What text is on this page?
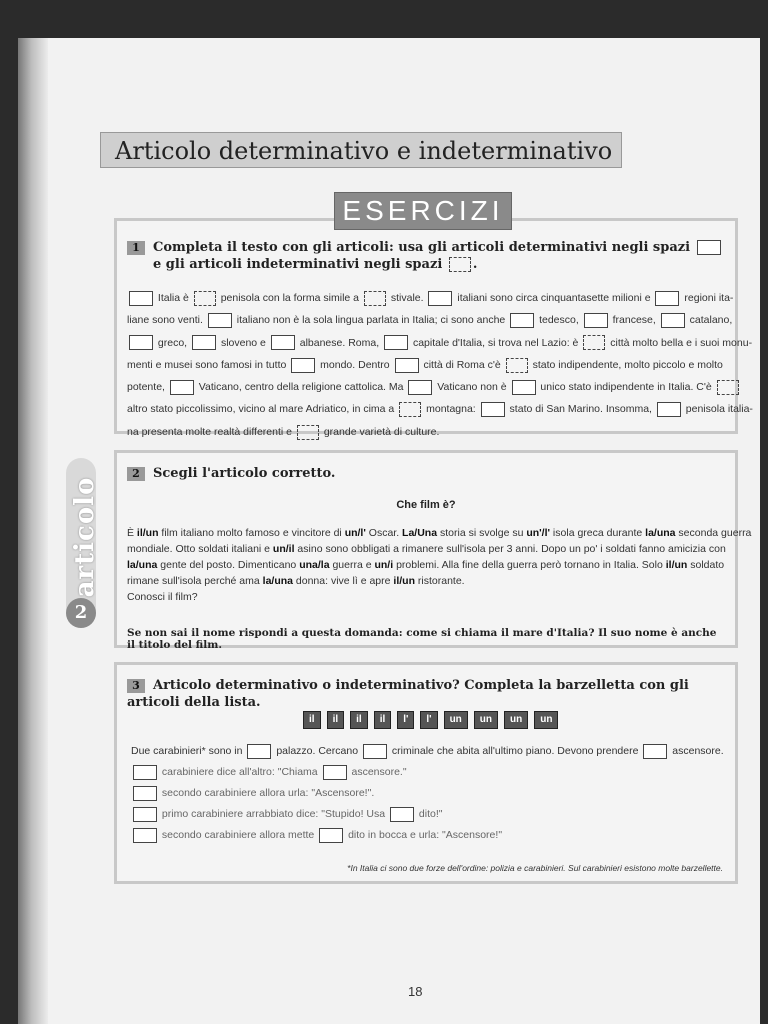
Articolo determinativo e indeterminativo
articolo
2
1 Completa il testo con gli articoli: usa gli articoli determinativi negli spazi
e gli articoli indeterminativi negli spazi .
Italia è  penisola con la forma simile a  stivale.	italiani sono circa cinquantasette milioni e	regioni ita-
liane sono venti.	italiano non è la sola lingua parlata in Italia; ci sono anche	tedesco,	francese,	catalano,
greco,	sloveno e	albanese. Roma,	capitale d'Italia, si trova nel Lazio: è  città molto bella e i suoi monu-
menti e musei sono famosi in tutto	mondo. Dentro	città di Roma c'è  stato indipendente, molto piccolo e molto
potente,	Vaticano, centro della religione cattolica. Ma	Vaticano non è	unico stato indipendente in Italia. C'è
altro stato piccolissimo, vicino al mare Adriatico, in cima a  montagna:	stato di San Marino. Insomma,	penisola italia-
na presenta molte realtà differenti e  grande varietà di culture.
ESERCIZI
2 Scegli l'articolo corretto.
Che film è?
È il/un film italiano molto famoso e vincitore di un/l' Oscar. La/Una storia si svolge su un'/l' isola greca durante la/una seconda guerra
mondiale. Otto soldati italiani e un/il asino sono obbligati a rimanere sull'isola per 3 anni. Dopo un po' i soldati fanno amicizia con
la/una gente del posto. Dimenticano una/la guerra e un/i problemi. Alla fine della guerra però tornano in Italia. Solo il/un soldato
rimane sull'isola perché ama la/una donna: vive lì e apre il/un ristorante.
Conosci il film?
Se non sai il nome rispondi a questa domanda: come si chiama il mare d'Italia? Il suo nome è anche il titolo del film.
3 Articolo determinativo o indeterminativo? Completa la barzelletta con gli articoli della lista.
il il il il l' l' un un un un
Due carabinieri* sono in	palazzo. Cercano	criminale che abita all'ultimo piano. Devono prendere	ascensore.
carabiniere dice all'altro: "Chiama	ascensore."
secondo carabiniere allora urla: "Ascensore!".
primo carabiniere arrabbiato dice: "Stupido! Usa	dito!"
secondo carabiniere allora mette	dito in bocca e urla: "Ascensore!"
*In Italia ci sono due forze dell'ordine: polizia e carabinieri. Sul carabinieri esistono molte barzellette.
18
